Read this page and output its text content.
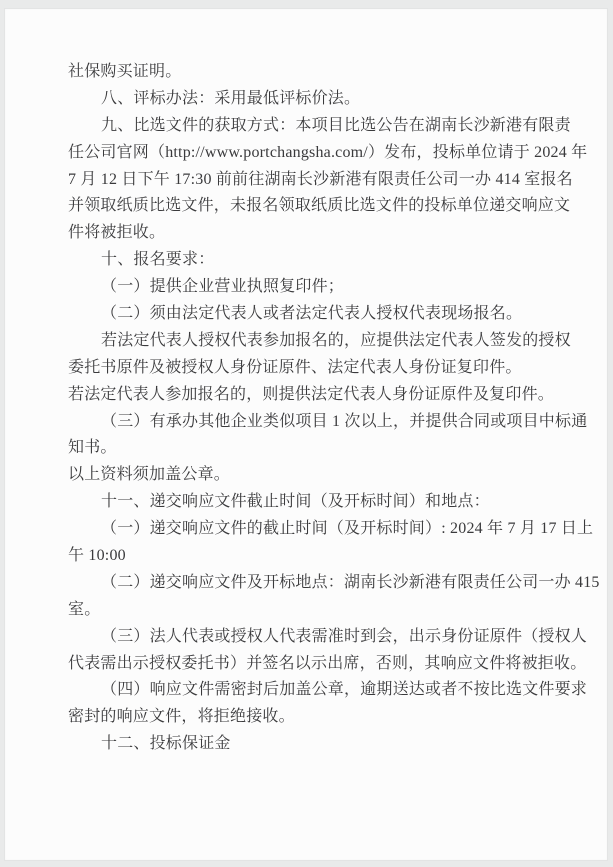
社保购买证明。
八、评标办法：采用最低评标价法。
九、比选文件的获取方式：本项目比选公告在湖南长沙新港有限责
任公司官网（http://www.portchangsha.com/）发布，投标单位请于 2024 年
7 月 12 日下午 17:30 前前往湖南长沙新港有限责任公司一办 414 室报名
并领取纸质比选文件，未报名领取纸质比选文件的投标单位递交响应文
件将被拒收。
十、报名要求：
（一）提供企业营业执照复印件；
（二）须由法定代表人或者法定代表人授权代表现场报名。
若法定代表人授权代表参加报名的，应提供法定代表人签发的授权
委托书原件及被授权人身份证原件、法定代表人身份证复印件。
若法定代表人参加报名的，则提供法定代表人身份证原件及复印件。
（三）有承办其他企业类似项目 1 次以上，并提供合同或项目中标通
知书。
以上资料须加盖公章。
十一、递交响应文件截止时间（及开标时间）和地点：
（一）递交响应文件的截止时间（及开标时间）: 2024 年 7 月 17 日上
午 10:00
（二）递交响应文件及开标地点：湖南长沙新港有限责任公司一办 415
室。
（三）法人代表或授权人代表需准时到会，出示身份证原件（授权人
代表需出示授权委托书）并签名以示出席，否则，其响应文件将被拒收。
（四）响应文件需密封后加盖公章，逾期送达或者不按比选文件要求
密封的响应文件，将拒绝接收。
十二、投标保证金
